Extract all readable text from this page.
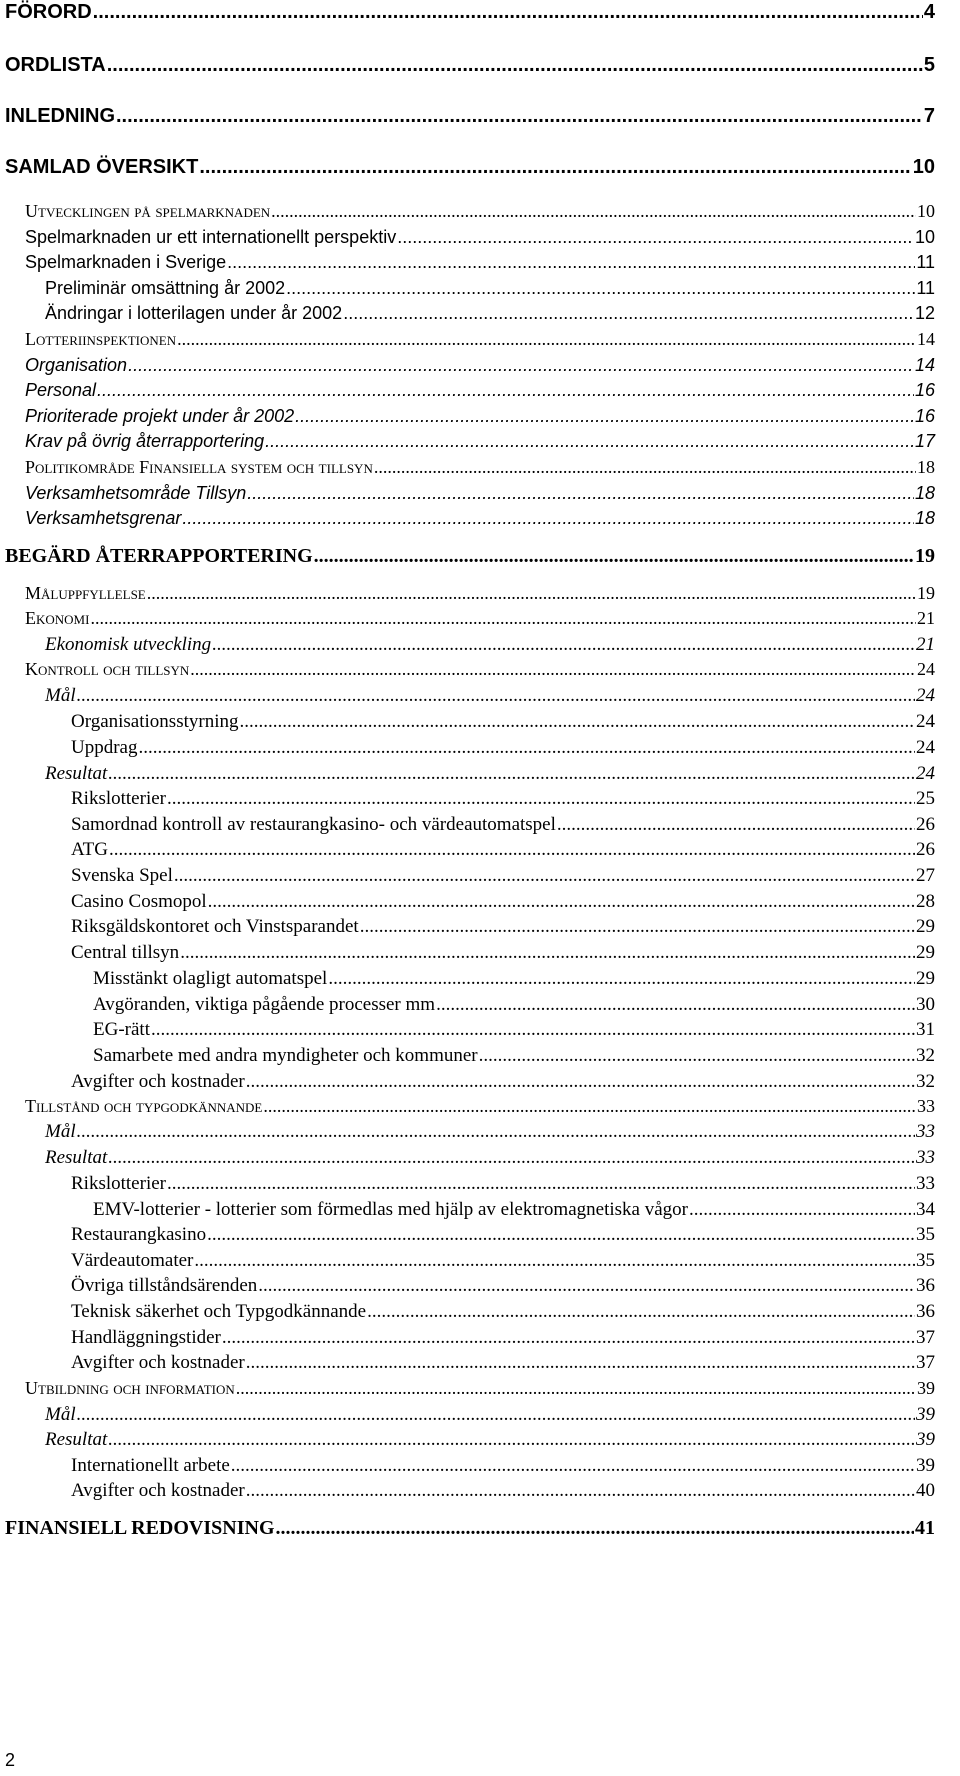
FÖRORD .....	4
ORDLISTA .....	5
INLEDNING .....	7
SAMLAD ÖVERSIKT .....	10
Utvecklingen på spelmarknaden .....	10
Spelmarknaden ur ett internationellt perspektiv .....	10
Spelmarknaden i Sverige .....	11
Preliminär omsättning år 2002 .....	11
Ändringar i lotterilagen under år 2002 .....	12
Lotteriinspektionen .....	14
Organisation .....	14
Personal .....	16
Prioriterade projekt under år 2002 .....	16
Krav på övrig återrapportering .....	17
Politikområde Finansiella system och tillsyn .....	18
Verksamhetsområde Tillsyn .....	18
Verksamhetsgrenar .....	18
BEGÄRD ÅTERRAPPORTERING .....	19
Måluppfyllelse .....	19
Ekonomi .....	21
Ekonomisk utveckling .....	21
Kontroll och tillsyn .....	24
Mål .....	24
Organisationsstyrning .....	24
Uppdrag .....	24
Resultat .....	24
Rikslotterier .....	25
Samordnad kontroll av restaurangkasino- och värdeautomatspel .....	26
ATG .....	26
Svenska Spel .....	27
Casino Cosmopol .....	28
Riksgäldskontoret och Vinstsparandet .....	29
Central tillsyn .....	29
Misstänkt olagligt automatspel .....	29
Avgöranden, viktiga pågående processer mm .....	30
EG-rätt .....	31
Samarbete med andra myndigheter och kommuner .....	32
Avgifter och kostnader .....	32
Tillstånd och typgodkännande .....	33
Mål .....	33
Resultat .....	33
Rikslotterier .....	33
EMV-lotterier - lotterier som förmedlas med hjälp av elektromagnetiska vågor .....	34
Restaurangkasino .....	35
Värdeautomater .....	35
Övriga tillståndsärenden .....	36
Teknisk säkerhet och Typgodkännande .....	36
Handläggningstider .....	37
Avgifter och kostnader .....	37
Utbildning och information .....	39
Mål .....	39
Resultat .....	39
Internationellt arbete .....	39
Avgifter och kostnader .....	40
FINANSIELL REDOVISNING .....	41
2
